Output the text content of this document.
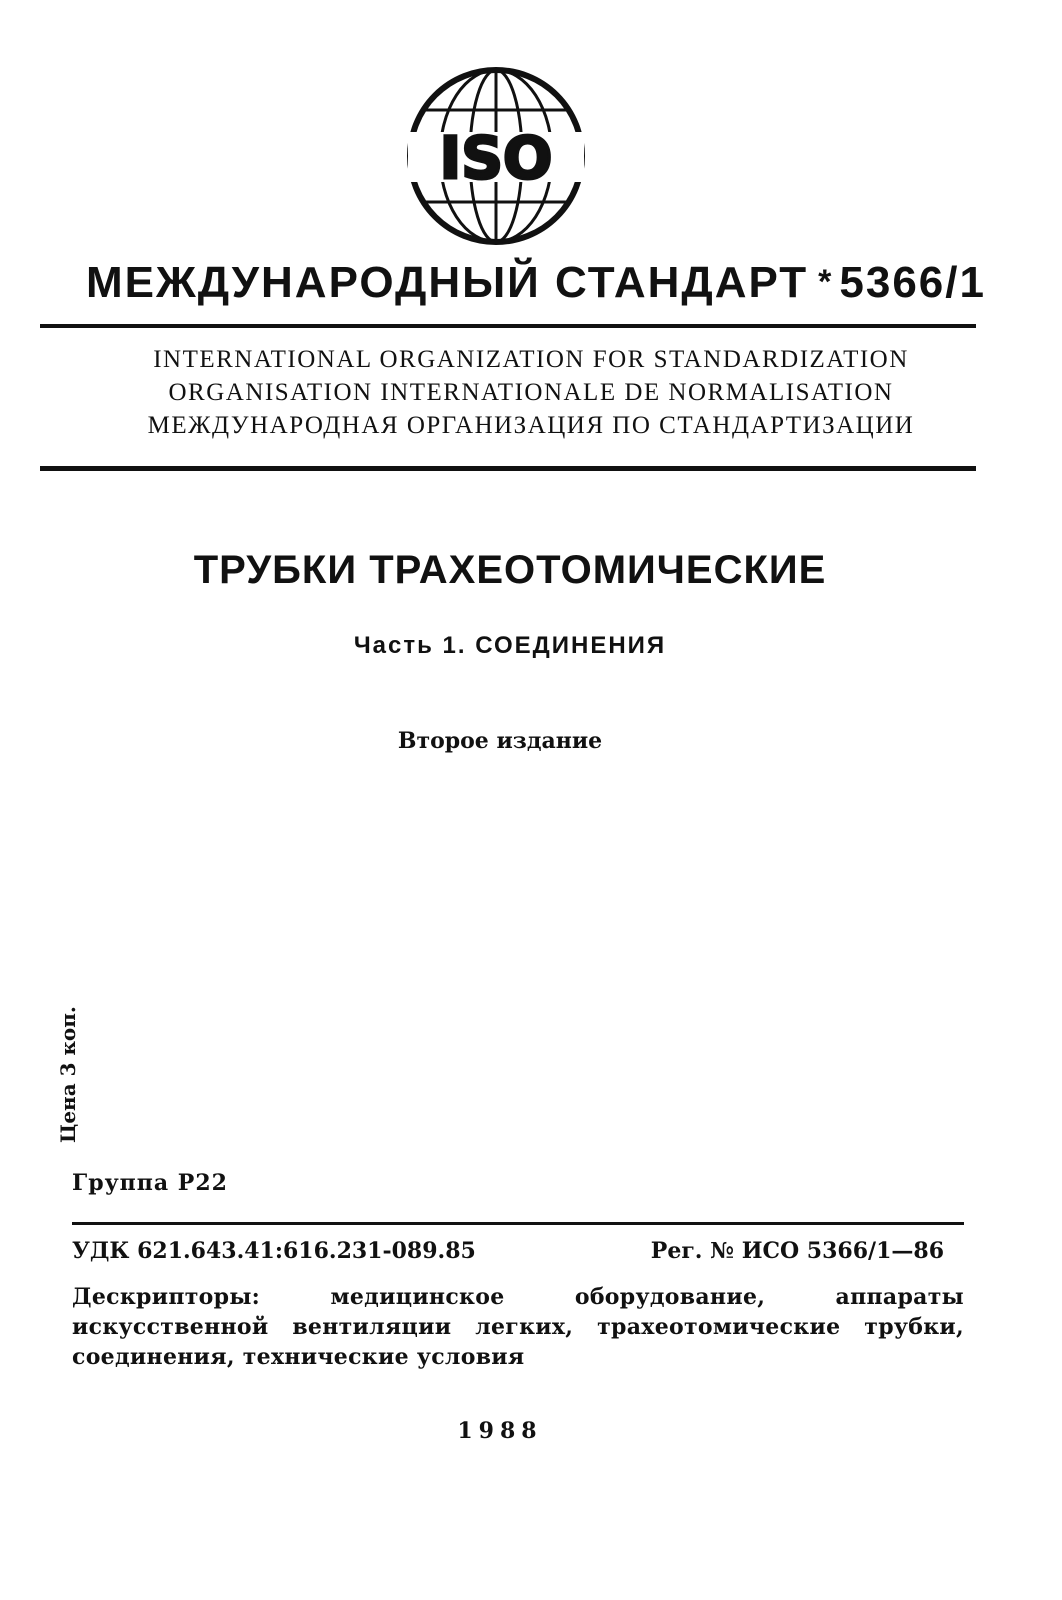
ISO
МЕЖДУНАРОДНЫЙ СТАНДАРТ * 5366/1
INTERNATIONAL ORGANIZATION FOR STANDARDIZATION
ORGANISATION INTERNATIONALE DE NORMALISATION
МЕЖДУНАРОДНАЯ ОРГАНИЗАЦИЯ ПО СТАНДАРТИЗАЦИИ
ТРУБКИ ТРАХЕОТОМИЧЕСКИЕ
Часть 1. СОЕДИНЕНИЯ
Второе издание
Цена 3 коп.
Группа Р22
УДК 621.643.41:616.231-089.85	Рег. № ИСО 5366/1—86
Дескрипторы: медицинское оборудование, аппараты искусственной вентиляции легких, трахеотомические трубки, соединения, технические условия
1988
